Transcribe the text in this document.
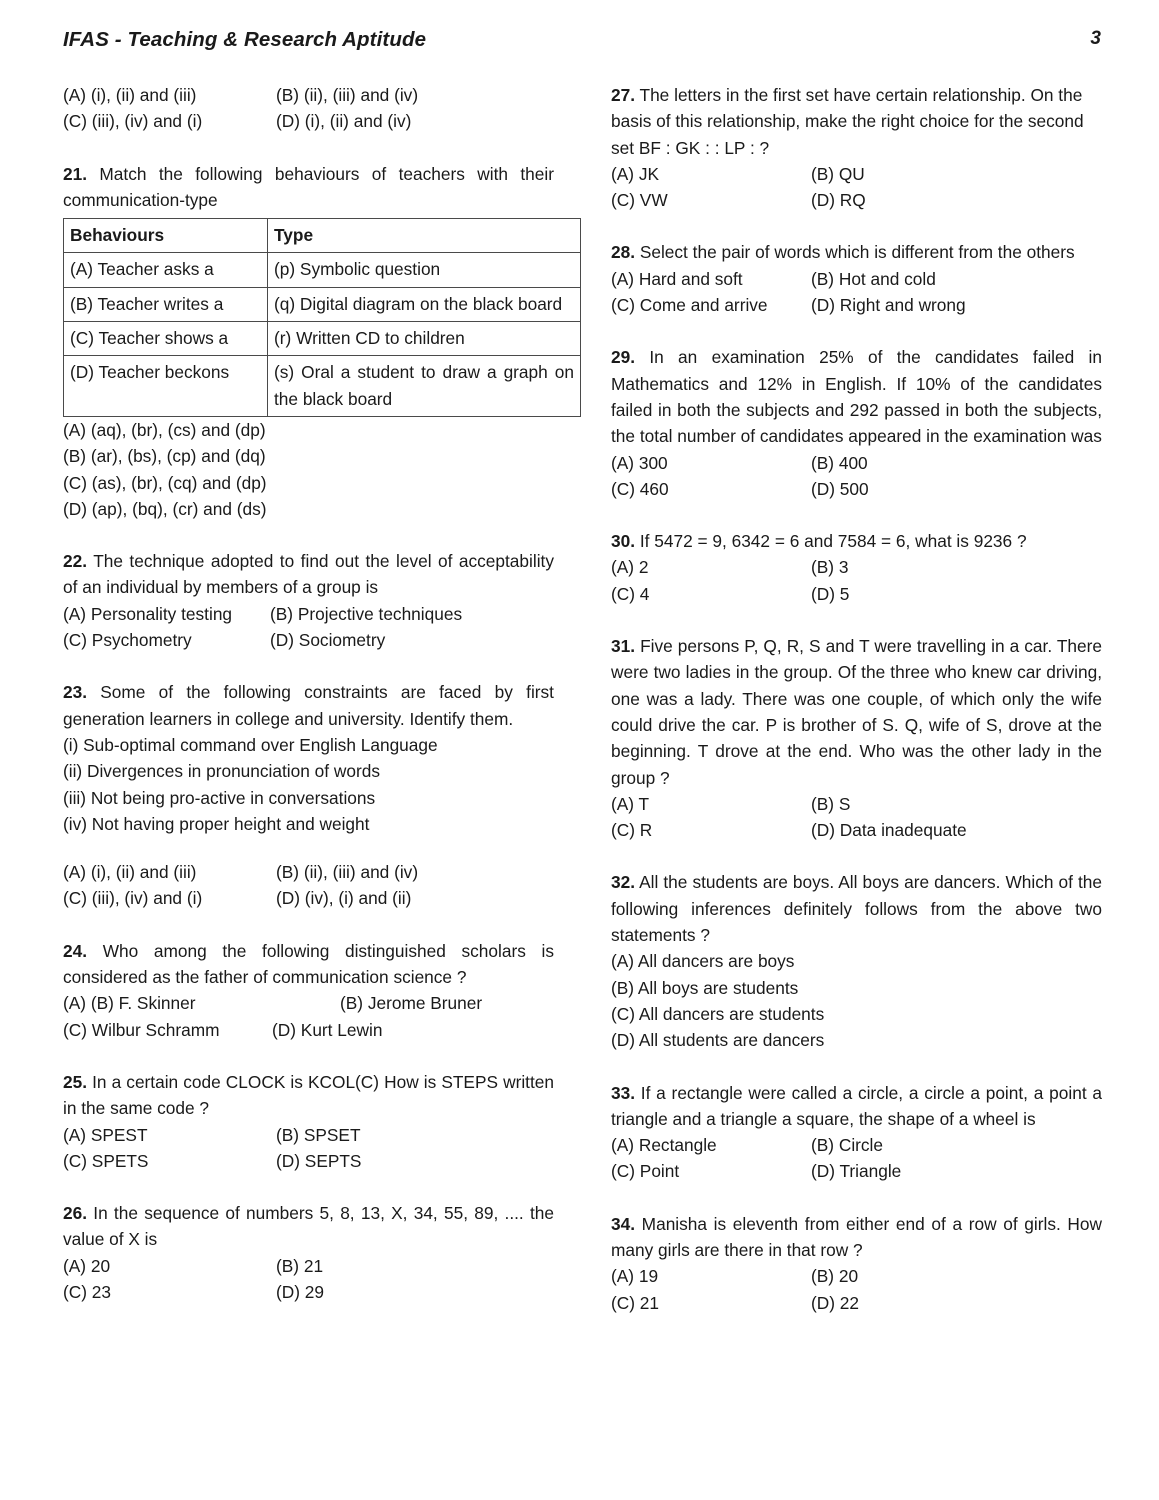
IFAS - Teaching & Research Aptitude	3
(A) (i), (ii) and (iii)	(B) (ii), (iii) and (iv)
(C) (iii), (iv) and (i)	(D) (i), (ii) and (iv)
21. Match the following behaviours of teachers with their communication-type
Behaviours	Type
(A) Teacher asks a	(p) Symbolic question
(B) Teacher writes a	(q) Digital diagram on the black board
(C) Teacher shows a	(r) Written CD to children
(D) Teacher beckons	(s) Oral a student to draw a graph on the black board
(A) (aq), (br), (cs) and (dp)
(B) (ar), (bs), (cp) and (dq)
(C) (as), (br), (cq) and (dp)
(D) (ap), (bq), (cr) and (ds)
22. The technique adopted to find out the level of acceptability of an individual by members of a group is
(A) Personality testing (B) Projective techniques
(C) Psychometry	(D) Sociometry
23. Some of the following constraints are faced by first generation learners in college and university. Identify them.
(i) Sub-optimal command over English Language
(ii) Divergences in pronunciation of words
(iii) Not being pro-active in conversations
(iv) Not having proper height and weight
(A) (i), (ii) and (iii)	(B) (ii), (iii) and (iv)
(C) (iii), (iv) and (i)	(D) (iv), (i) and (ii)
24. Who among the following distinguished scholars is considered as the father of communication science ?
(A) (B) F. Skinner	(B) Jerome Bruner
(C) Wilbur Schramm	(D) Kurt Lewin
25. In a certain code CLOCK is KCOL(C) How is STEPS written in the same code ?
(A) SPEST	(B) SPSET
(C) SPETS	(D) SEPTS
26. In the sequence of numbers 5, 8, 13, X, 34, 55, 89, .... the value of X is
(A) 20	(B) 21
(C) 23	(D) 29
27. The letters in the first set have certain relationship. On the basis of this relationship, make the right choice for the second set BF : GK : : LP : ?
(A) JK	(B) QU
(C) VW	(D) RQ
28. Select the pair of words which is different from the others
(A) Hard and soft	(B) Hot and cold
(C) Come and arrive	(D) Right and wrong
29. In an examination 25% of the candidates failed in Mathematics and 12% in English. If 10% of the candidates failed in both the subjects and 292 passed in both the subjects, the total number of candidates appeared in the examination was
(A) 300	(B) 400
(C) 460	(D) 500
30. If 5472 = 9, 6342 = 6 and 7584 = 6, what is 9236 ?
(A) 2	(B) 3
(C) 4	(D) 5
31. Five persons P, Q, R, S and T were travelling in a car. There were two ladies in the group. Of the three who knew car driving, one was a lady. There was one couple, of which only the wife could drive the car. P is brother of S. Q, wife of S, drove at the beginning. T drove at the end. Who was the other lady in the group ?
(A) T	(B) S
(C) R	(D) Data inadequate
32. All the students are boys. All boys are dancers. Which of the following inferences definitely follows from the above two statements ?
(A) All dancers are boys
(B) All boys are students
(C) All dancers are students
(D) All students are dancers
33. If a rectangle were called a circle, a circle a point, a point a triangle and a triangle a square, the shape of a wheel is
(A) Rectangle	(B) Circle
(C) Point	(D) Triangle
34. Manisha is eleventh from either end of a row of girls. How many girls are there in that row ?
(A) 19	(B) 20
(C) 21	(D) 22
